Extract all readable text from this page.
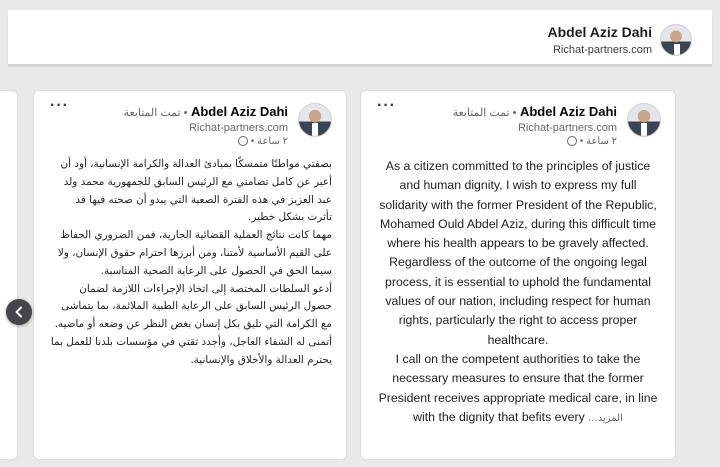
Abdel Aziz Dahi
Richat-partners.com
···	Abdel Aziz Dahi • تمت المتابعة
Richat-partners.com
٢ ساعة •

بصفتي مواطنًا متمسكًا بمبادئ العدالة والكرامة الإنسانية، أود أن أعبر عن كامل تضامني مع الرئيس السابق للجمهورية محمد ولد عبد العزيز في هذه الفترة الصعبة التي يبدو أن صحته فيها قد تأثرت بشكل خطير.

مهما كانت نتائج العملية القضائية الجارية، فمن الضروري الحفاظ على القيم الأساسية لأمتنا، ومن أبرزها احترام حقوق الإنسان، ولا سيما الحق في الحصول على الرعاية الصحية المناسبة.

أدعو السلطات المختصة إلى اتخاذ الإجراءات اللازمة لضمان حصول الرئيس السابق على الرعاية الطبية الملائمة، بما يتماشى مع الكرامة التي تليق بكل إنسان بغض النظر عن وضعه أو ماضيه.

أتمنى له الشفاء العاجل، وأجدد ثقتي في مؤسسات بلدنا للعمل بما يحترم العدالة والأخلاق والإنسانية.

···	Abdel Aziz Dahi • تمت المتابعة
Richat-partners.com
٢ ساعة •

As a citizen committed to the principles of justice and human dignity, I wish to express my full solidarity with the former President of the Republic, Mohamed Ould Abdel Aziz, during this difficult time where his health appears to be gravely affected.

Regardless of the outcome of the ongoing legal process, it is essential to uphold the fundamental values of our nation, including respect for human rights, particularly the right to access proper healthcare.

I call on the competent authorities to take the necessary measures to ensure that the former President receives appropriate medical care, in line with the dignity that befits every ...المزيد
